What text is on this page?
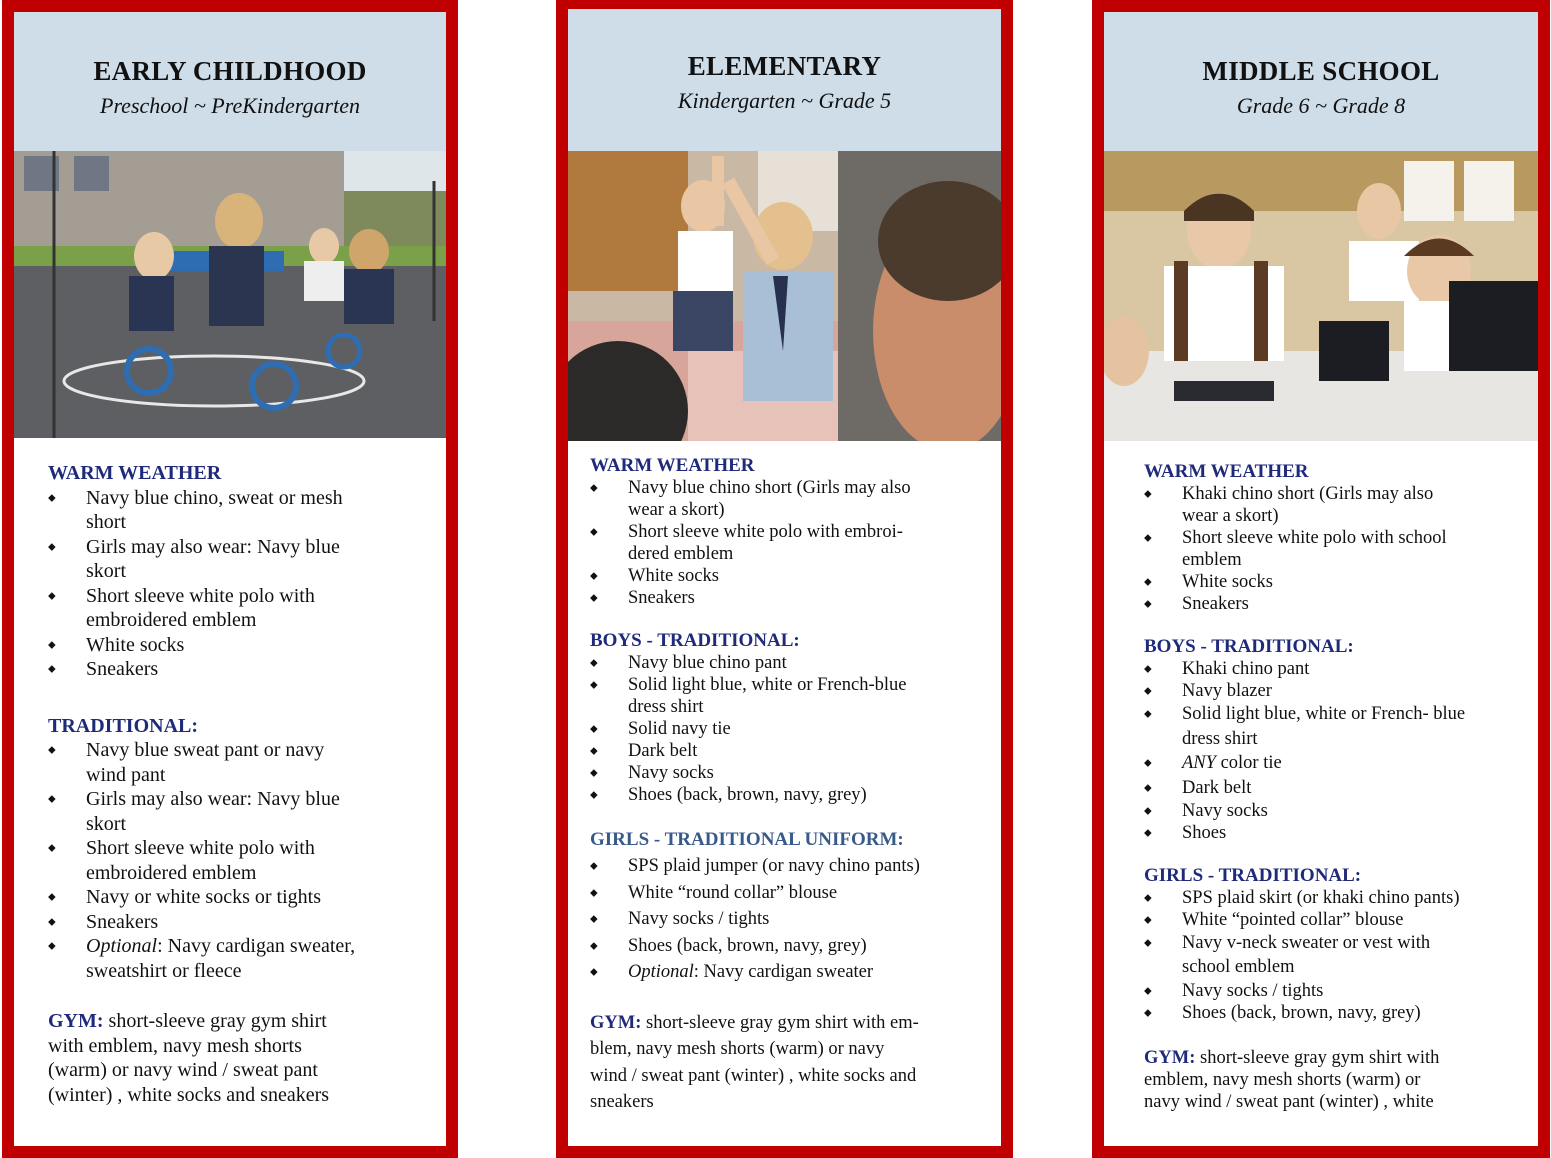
EARLY CHILDHOOD
Preschool ~ PreKindergarten
WARM WEATHER
⬥ Navy blue chino, sweat or mesh
short
⬥ Girls may also wear: Navy blue
skort
⬥ Short sleeve white polo with
embroidered emblem
⬥ White socks
⬥ Sneakers
TRADITIONAL:
⬥ Navy blue sweat pant or navy
wind pant
⬥ Girls may also wear: Navy blue
skort
⬥ Short sleeve white polo with
embroidered emblem
⬥ Navy or white socks or tights
⬥ Sneakers
⬥ Optional: Navy cardigan sweater,
sweatshirt or fleece
GYM: short-sleeve gray gym shirt
with emblem, navy mesh shorts
(warm) or navy wind / sweat pant
(winter) , white socks and sneakers
ELEMENTARY
Kindergarten ~ Grade 5
WARM WEATHER
⬥ Navy blue chino short (Girls may also
wear a skort)
⬥ Short sleeve white polo with embroi-
dered emblem
⬥ White socks
⬥ Sneakers
BOYS - TRADITIONAL:
⬥ Navy blue chino pant
⬥ Solid light blue, white or French-blue
dress shirt
⬥ Solid navy tie
⬥ Dark belt
⬥ Navy socks
⬥ Shoes (back, brown, navy, grey)
GIRLS - TRADITIONAL UNIFORM:
⬥ SPS plaid jumper (or navy chino pants)
⬥ White “round collar” blouse
⬥ Navy socks / tights
⬥ Shoes (back, brown, navy, grey)
⬥ Optional: Navy cardigan sweater
GYM: short-sleeve gray gym shirt with em-
blem, navy mesh shorts (warm) or navy
wind / sweat pant (winter) , white socks and
sneakers
MIDDLE SCHOOL
Grade 6 ~ Grade 8
WARM WEATHER
⬥ Khaki chino short (Girls may also
wear a skort)
⬥ Short sleeve white polo with school
emblem
⬥ White socks
⬥ Sneakers
BOYS - TRADITIONAL:
⬥ Khaki chino pant
⬥ Navy blazer
⬥ Solid light blue, white or French- blue
dress shirt
⬥ ANY color tie
⬥ Dark belt
⬥ Navy socks
⬥ Shoes
GIRLS - TRADITIONAL:
⬥ SPS plaid skirt (or khaki chino pants)
⬥ White “pointed collar” blouse
⬥ Navy v-neck sweater or vest with
school emblem
⬥ Navy socks / tights
⬥ Shoes (back, brown, navy, grey)
GYM: short-sleeve gray gym shirt with
emblem, navy mesh shorts (warm) or
navy wind / sweat pant (winter) , white
